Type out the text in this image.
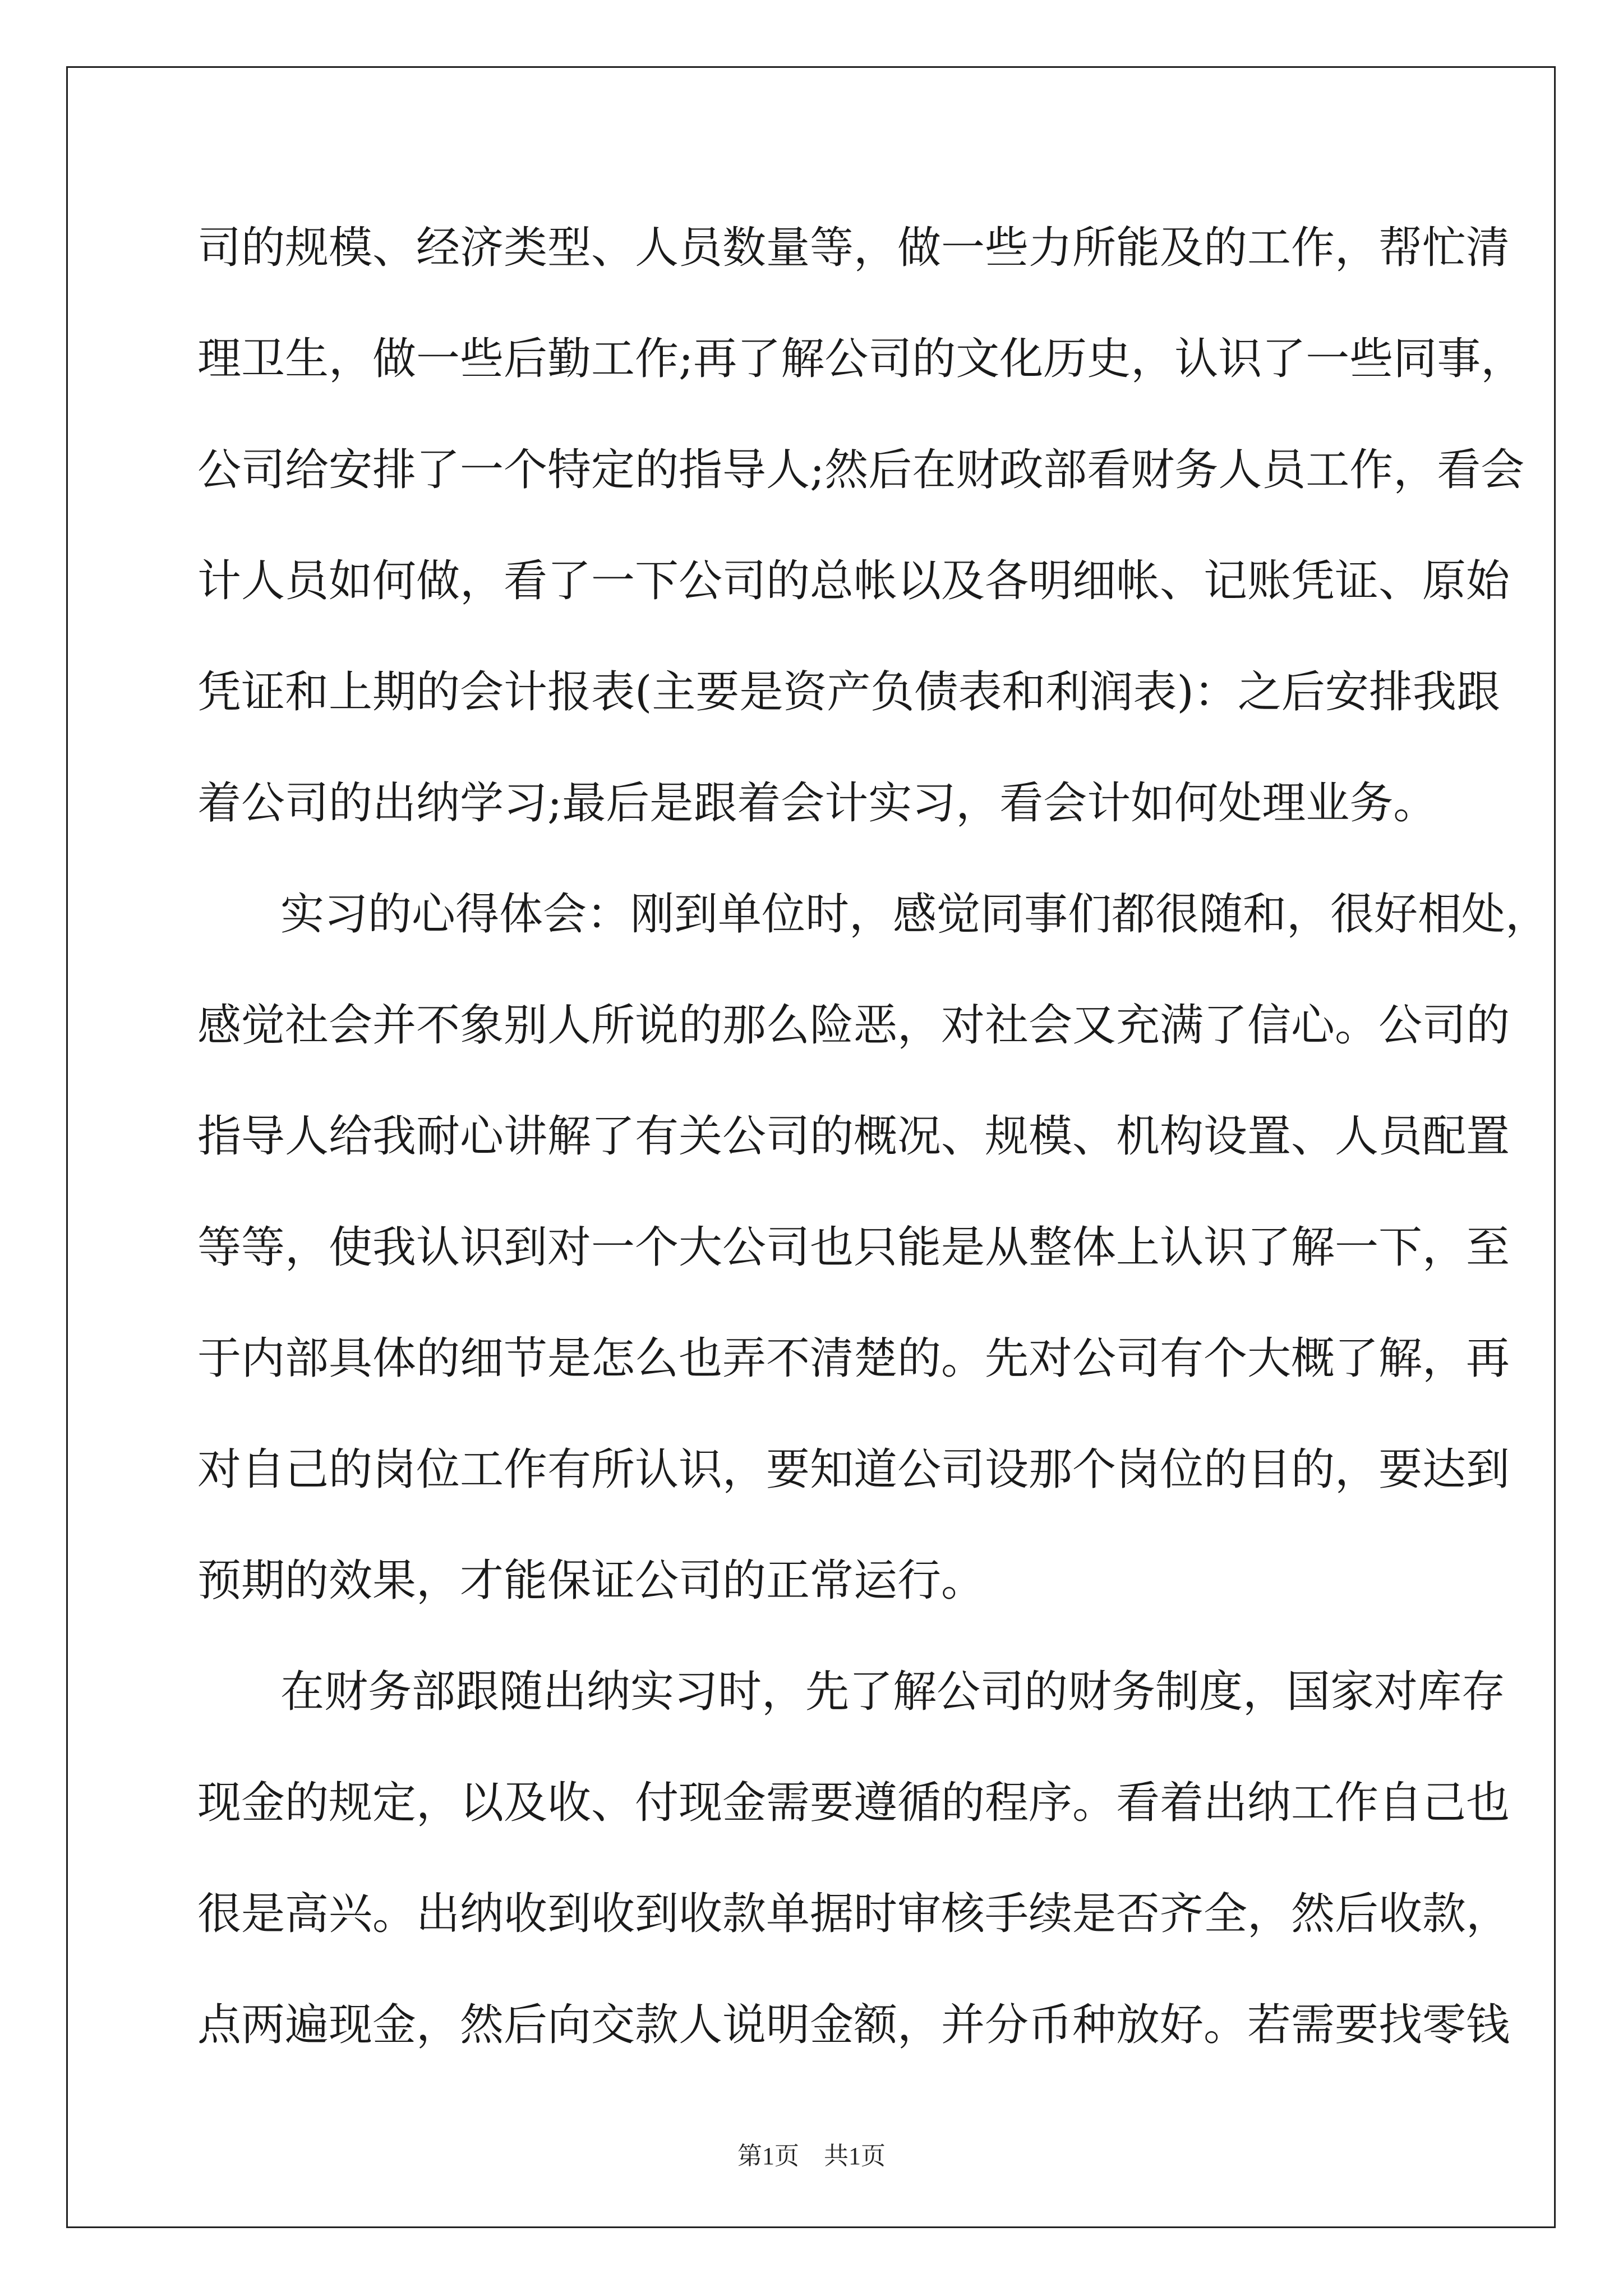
司的规模、经济类型、人员数量等，做一些力所能及的工作，帮忙清
理卫生，做一些后勤工作;再了解公司的文化历史，认识了一些同事，
公司给安排了一个特定的指导人;然后在财政部看财务人员工作，看会
计人员如何做，看了一下公司的总帐以及各明细帐、记账凭证、原始
凭证和上期的会计报表(主要是资产负债表和利润表)：之后安排我跟
着公司的出纳学习;最后是跟着会计实习，看会计如何处理业务。
实习的心得体会：刚到单位时，感觉同事们都很随和，很好相处，
感觉社会并不象别人所说的那么险恶，对社会又充满了信心。公司的
指导人给我耐心讲解了有关公司的概况、规模、机构设置、人员配置
等等，使我认识到对一个大公司也只能是从整体上认识了解一下，至
于内部具体的细节是怎么也弄不清楚的。先对公司有个大概了解，再
对自己的岗位工作有所认识，要知道公司设那个岗位的目的，要达到
预期的效果，才能保证公司的正常运行。
在财务部跟随出纳实习时，先了解公司的财务制度，国家对库存
现金的规定，以及收、付现金需要遵循的程序。看着出纳工作自己也
很是高兴。出纳收到收到收款单据时审核手续是否齐全，然后收款，
点两遍现金，然后向交款人说明金额，并分币种放好。若需要找零钱
第1页　共1页
